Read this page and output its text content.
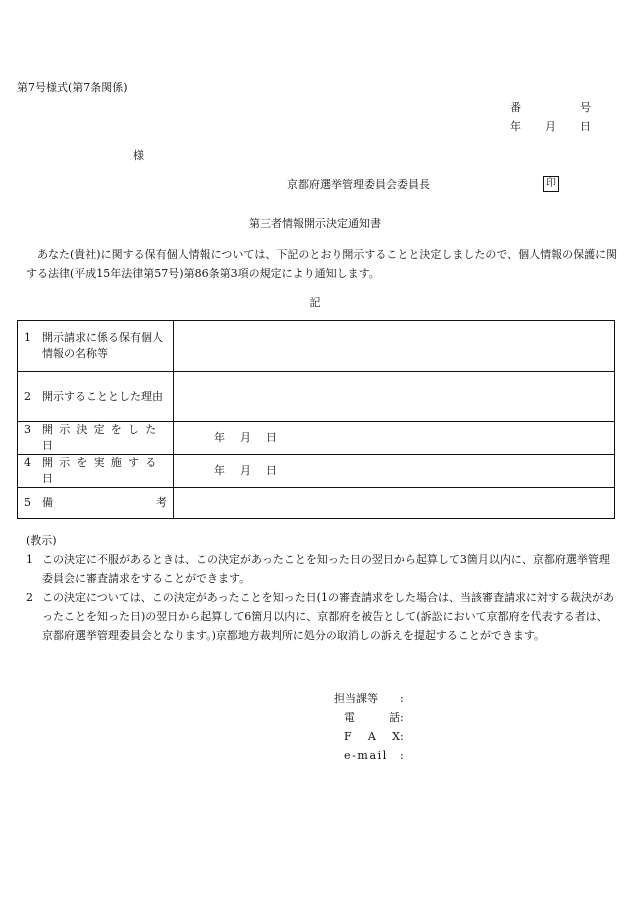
第7号様式(第7条関係)
番	号
年 月 日
様
京都府選挙管理委員会委員長	印
第三者情報開示決定通知書
あなた(貴社)に関する保有個人情報については、下記のとおり開示することと決定しましたので、個人情報の保護に関する法律(平成15年法律第57号)第86条第3項の規定により通知します。
記
1 開示請求に係る保有個人情報の名称等	

2 開示することとした理由	

3 開示決定をした日	年 月 日

4 開示を実施する日	年 月 日

5 備 考	

(教示)
1 この決定に不服があるときは、この決定があったことを知った日の翌日から起算して3箇月以内に、京都府選挙管理委員会に審査請求をすることができます。
2 この決定については、この決定があったことを知った日(1の審査請求をした場合は、当該審査請求に対する裁決があったことを知った日)の翌日から起算して6箇月以内に、京都府を被告として(訴訟において京都府を代表する者は、京都府選挙管理委員会となります。)京都地方裁判所に処分の取消しの訴えを提起することができます。
担当課等	:
電	話 :
F A X :
e-mail	:
